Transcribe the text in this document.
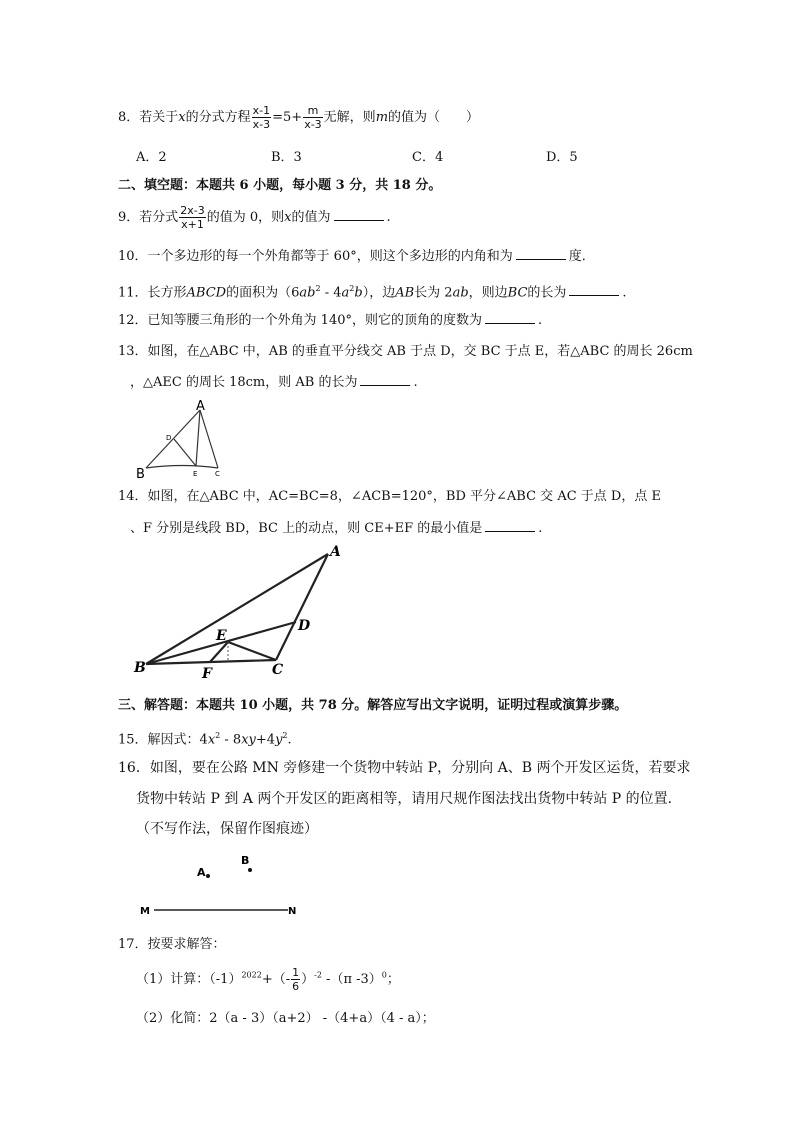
8．若关于x的分式方程 $\frac{x-1}{x-3} =5+ \frac{m}{x-3}$ 无解，则m的值为（　　）
A．2	B．3	C．4	D．5
二、填空题：本题共 6 小题，每小题 3 分，共 18 分。
9．若分式 $\frac{2x-3}{x+1}$ 的值为 0，则x的值为	.
10．一个多边形的每一个外角都等于 60°，则这个多边形的内角和为	度．
11．长方形ABCD的面积为$(6ab^2 - 4a^2b)$，边AB长为 2ab，则边BC的长为	.
12．已知等腰三角形的一个外角为 140°，则它的顶角的度数为	.
13．如图，在△ABC 中，AB 的垂直平分线交 AB 于点 D，交 BC 于点 E，若△ABC 的周长 26cm
，△AEC 的周长 18cm，则 AB 的长为	.
A
B
D
E	C
14．如图，在△ABC 中，AC=BC=8，∠ACB=120°，BD 平分∠ABC 交 AC 于点 D，点 E
、F 分别是线段 BD，BC 上的动点，则 CE+EF 的最小值是	.
A
B	C
D
E
F
三、解答题：本题共 10 小题，共 78 分。解答应写出文字说明，证明过程或演算步骤。
15．解因式：$4x^2 - 8xy+4y^2$.
16．如图，要在公路 MN 旁修建一个货物中转站 P，分别向 A、B 两个开发区运货，若要求
货物中转站 P 到 A 两个开发区的距离相等，请用尺规作图法找出货物中转站 P 的位置．
（不写作法，保留作图痕迹）
A
B
M	N
17．按要求解答：
（1）计算：$(-1)^{2022}+(- \frac{1}{6} )^{-2}$ -（π -3）$^0$；
（2）化简：2（a - 3）（a+2） -（4+a）（4 - a）；
